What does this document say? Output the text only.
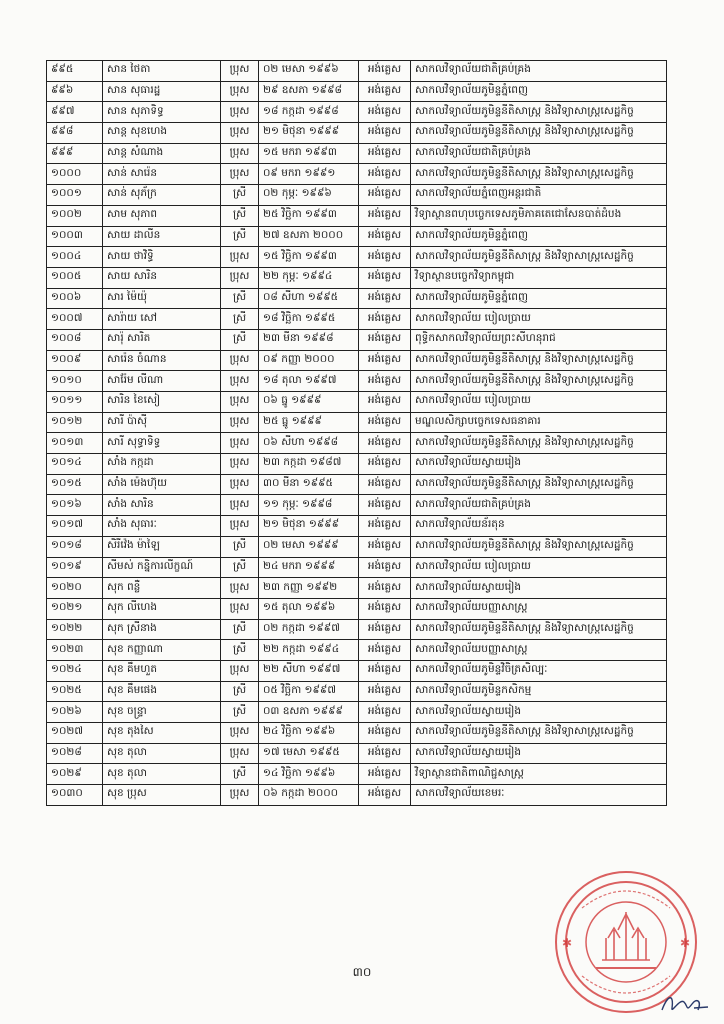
៩៩៥	សាន ថៃតា	ប្រុស	០២ មេសា ១៩៩៦	អង់គ្លេស	សាកលវិទ្យាល័យជាតិគ្រប់គ្រង
៩៩៦	សាន សុធារដ្ឋ	ប្រុស	២៩ ឧសភា ១៩៩៨	អង់គ្លេស	សាកលវិទ្យាល័យភូមិន្ទភ្នំពេញ
៩៩៧	សាន សុភាទិទ្ធ	ប្រុស	១៨ កក្កដា ១៩៩៨	អង់គ្លេស	សាកលវិទ្យាល័យភូមិន្ទនីតិសាស្ត្រ និងវិទ្យាសាស្ត្រសេដ្ឋកិច្ច
៩៩៨	សាន្ត សុខហេង	ប្រុស	២១ មិថុនា ១៩៩៩	អង់គ្លេស	សាកលវិទ្យាល័យភូមិន្ទនីតិសាស្ត្រ និងវិទ្យាសាស្ត្រសេដ្ឋកិច្ច
៩៩៩	សាន្ត សំណាង	ប្រុស	១៥ មករា ១៩៩៣	អង់គ្លេស	សាកលវិទ្យាល័យជាតិគ្រប់គ្រង
១០០០	សាន់ សារ៉េន	ប្រុស	០៩ មករា ១៩៩១	អង់គ្លេស	សាកលវិទ្យាល័យភូមិន្ទនីតិសាស្ត្រ និងវិទ្យាសាស្ត្រសេដ្ឋកិច្ច
១០០១	សាន់ សុភ័ក្រ	ស្រី	០២ កុម្ភៈ ១៩៩៦	អង់គ្លេស	សាកលវិទ្យាល័យភ្នំពេញអន្តរជាតិ
១០០២	សាម សុភាព	ស្រី	២៥ វិច្ឆិកា ១៩៩៣	អង់គ្លេស	វិទ្យាស្ថានពហុបច្ចេកទេសភូមិភាគតេជោសែនបាត់ដំបង
១០០៣	សាយ ដាលីន	ស្រី	២៧ ឧសភា ២០០០	អង់គ្លេស	សាកលវិទ្យាល័យភូមិន្ទភ្នំពេញ
១០០៤	សាយ ថាវិទ្ធិ	ប្រុស	១៥ វិច្ឆិកា ១៩៩៣	អង់គ្លេស	សាកលវិទ្យាល័យភូមិន្ទនីតិសាស្ត្រ និងវិទ្យាសាស្ត្រសេដ្ឋកិច្ច
១០០៥	សាយ សារិន	ប្រុស	២២ កុម្ភៈ ១៩៩៤	អង់គ្លេស	វិទ្យាស្ថានបច្ចេកវិទ្យាកម្ពុជា
១០០៦	សារ ម៉ៃយ៉ុ	ស្រី	០៨ សីហា ១៩៩៥	អង់គ្លេស	សាកលវិទ្យាល័យភូមិន្ទភ្នំពេញ
១០០៧	សារ៉ាយ សៅ	ស្រី	១៨ វិច្ឆិកា ១៩៩៥	អង់គ្លេស	សាកលវិទ្យាល័យ បៀលប្រាយ
១០០៨	សារ៉ុ សារិត	ស្រី	២៣ មីនា ១៩៩៨	អង់គ្លេស	ពុទ្ធិកសាកលវិទ្យាល័យព្រះសីហនុរាជ
១០០៩	សារ៉េន ចំណាន	ប្រុស	០៩ កញ្ញា ២០០០	អង់គ្លេស	សាកលវិទ្យាល័យភូមិន្ទនីតិសាស្ត្រ និងវិទ្យាសាស្ត្រសេដ្ឋកិច្ច
១០១០	សារ៉ែម លីណា	ប្រុស	១៨ តុលា ១៩៩៧	អង់គ្លេស	សាកលវិទ្យាល័យភូមិន្ទនីតិសាស្ត្រ និងវិទ្យាសាស្ត្រសេដ្ឋកិច្ច
១០១១	សារិន ខៃសៀ	ប្រុស	០៦ ធ្នូ ១៩៩៩	អង់គ្លេស	សាកលវិទ្យាល័យ បៀលប្រាយ
១០១២	សារី ប៉ាស៊ី	ប្រុស	២៥ ធ្នូ ១៩៩៩	អង់គ្លេស	មណ្ឌលសិក្សាបច្ចេកទេសធនាគារ
១០១៣	សារី សុទ្ធាទិទ្ធ	ប្រុស	០៦ សីហា ១៩៩៨	អង់គ្លេស	សាកលវិទ្យាល័យភូមិន្ទនីតិសាស្ត្រ និងវិទ្យាសាស្ត្រសេដ្ឋកិច្ច
១០១៤	សាំង កក្កដា	ប្រុស	២៣ កក្កដា ១៩៨៧	អង់គ្លេស	សាកលវិទ្យាល័យស្វាយរៀង
១០១៥	សាំង ម៉េងហ៊ុយ	ប្រុស	៣០ មីនា ១៩៩៥	អង់គ្លេស	សាកលវិទ្យាល័យភូមិន្ទនីតិសាស្ត្រ និងវិទ្យាសាស្ត្រសេដ្ឋកិច្ច
១០១៦	សាំង សារិន	ប្រុស	១១ កុម្ភៈ ១៩៩៨	អង់គ្លេស	សាកលវិទ្យាល័យជាតិគ្រប់គ្រង
១០១៧	សាំង សុធារៈ	ប្រុស	២១ មិថុនា ១៩៩៩	អង់គ្លេស	សាកលវិទ្យាល័យន័រតុន
១០១៨	សិរីវ៉េង ម៉ាឡៃ	ស្រី	០២ មេសា ១៩៩៩	អង់គ្លេស	សាកលវិទ្យាល័យភូមិន្ទនីតិសាស្ត្រ និងវិទ្យាសាស្ត្រសេដ្ឋកិច្ច
១០១៩	សីមស់ កន្និការលីក្ខណ៍	ស្រី	២៤ មករា ១៩៩៩	អង់គ្លេស	សាកលវិទ្យាល័យ បៀលប្រាយ
១០២០	សុក ពន្លឺ	ប្រុស	២៣ កញ្ញា ១៩៩២	អង់គ្លេស	សាកលវិទ្យាល័យស្វាយរៀង
១០២១	សុក លីហេង	ប្រុស	១៥ តុលា ១៩៩៦	អង់គ្លេស	សាកលវិទ្យាល័យបញ្ញាសាស្ត្រ
១០២២	សុក ស្រីនាង	ស្រី	០២ កក្កដា ១៩៩៧	អង់គ្លេស	សាកលវិទ្យាល័យភូមិន្ទនីតិសាស្ត្រ និងវិទ្យាសាស្ត្រសេដ្ឋកិច្ច
១០២៣	សុខ កញ្ញាណា	ស្រី	២២ កក្កដា ១៩៩៤	អង់គ្លេស	សាកលវិទ្យាល័យបញ្ញាសាស្ត្រ
១០២៤	សុខ គឹមហួត	ប្រុស	២២ សីហា ១៩៩៧	អង់គ្លេស	សាកលវិទ្យាល័យភូមិន្ទវិចិត្រសិល្បៈ
១០២៥	សុខ គឹមផេង	ស្រី	០៥ វិច្ឆិកា ១៩៩៧	អង់គ្លេស	សាកលវិទ្យាល័យភូមិន្ទកសិកម្ម
១០២៦	សុខ ចន្ទ្រា	ស្រី	០៣ ឧសភា ១៩៩៩	អង់គ្លេស	សាកលវិទ្យាល័យស្វាយរៀង
១០២៧	សុខ តុងសៃ	ប្រុស	២៤ វិច្ឆិកា ១៩៩៦	អង់គ្លេស	សាកលវិទ្យាល័យភូមិន្ទនីតិសាស្ត្រ និងវិទ្យាសាស្ត្រសេដ្ឋកិច្ច
១០២៨	សុខ តុលា	ប្រុស	១៧ មេសា ១៩៩៥	អង់គ្លេស	សាកលវិទ្យាល័យស្វាយរៀង
១០២៩	សុខ តុលា	ស្រី	១៤ វិច្ឆិកា ១៩៩៦	អង់គ្លេស	វិទ្យាស្ថានជាតិពាណិជ្ជសាស្ត្រ
១០៣០	សុខ ប្រុស	ប្រុស	០៦ កក្កដា ២០០០	អង់គ្លេស	សាកលវិទ្យាល័យខេមរៈ
៣០
✱	✱
